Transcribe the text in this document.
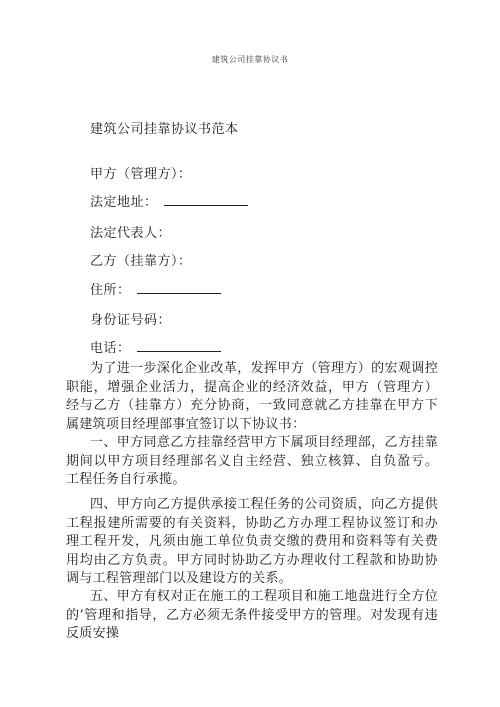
建筑公司挂靠协议书
建筑公司挂靠协议书范本
甲方（管理方）：
法定地址：
法定代表人：
乙方（挂靠方）：
住所：
身份证号码：
电话：
为了进一步深化企业改革，发挥甲方（管理方）的宏观调控职能，增强企业活力，提高企业的经济效益，甲方（管理方）经与乙方（挂靠方）充分协商，一致同意就乙方挂靠在甲方下属建筑项目经理部事宜签订以下协议书：
一、甲方同意乙方挂靠经营甲方下属项目经理部，乙方挂靠期间以甲方项目经理部名义自主经营、独立核算、自负盈亏。工程任务自行承揽。
四、甲方向乙方提供承接工程任务的公司资质，向乙方提供工程报建所需要的有关资料，协助乙方办理工程协议签订和办理工程开发，凡须由施工单位负责交缴的费用和资料等有关费用均由乙方负责。甲方同时协助乙方办理收付工程款和协助协调与工程管理部门以及建设方的关系。
五、甲方有权对正在施工的工程项目和施工地盘进行全方位的’管理和指导，乙方必须无条件接受甲方的管理。对发现有违反质安操
